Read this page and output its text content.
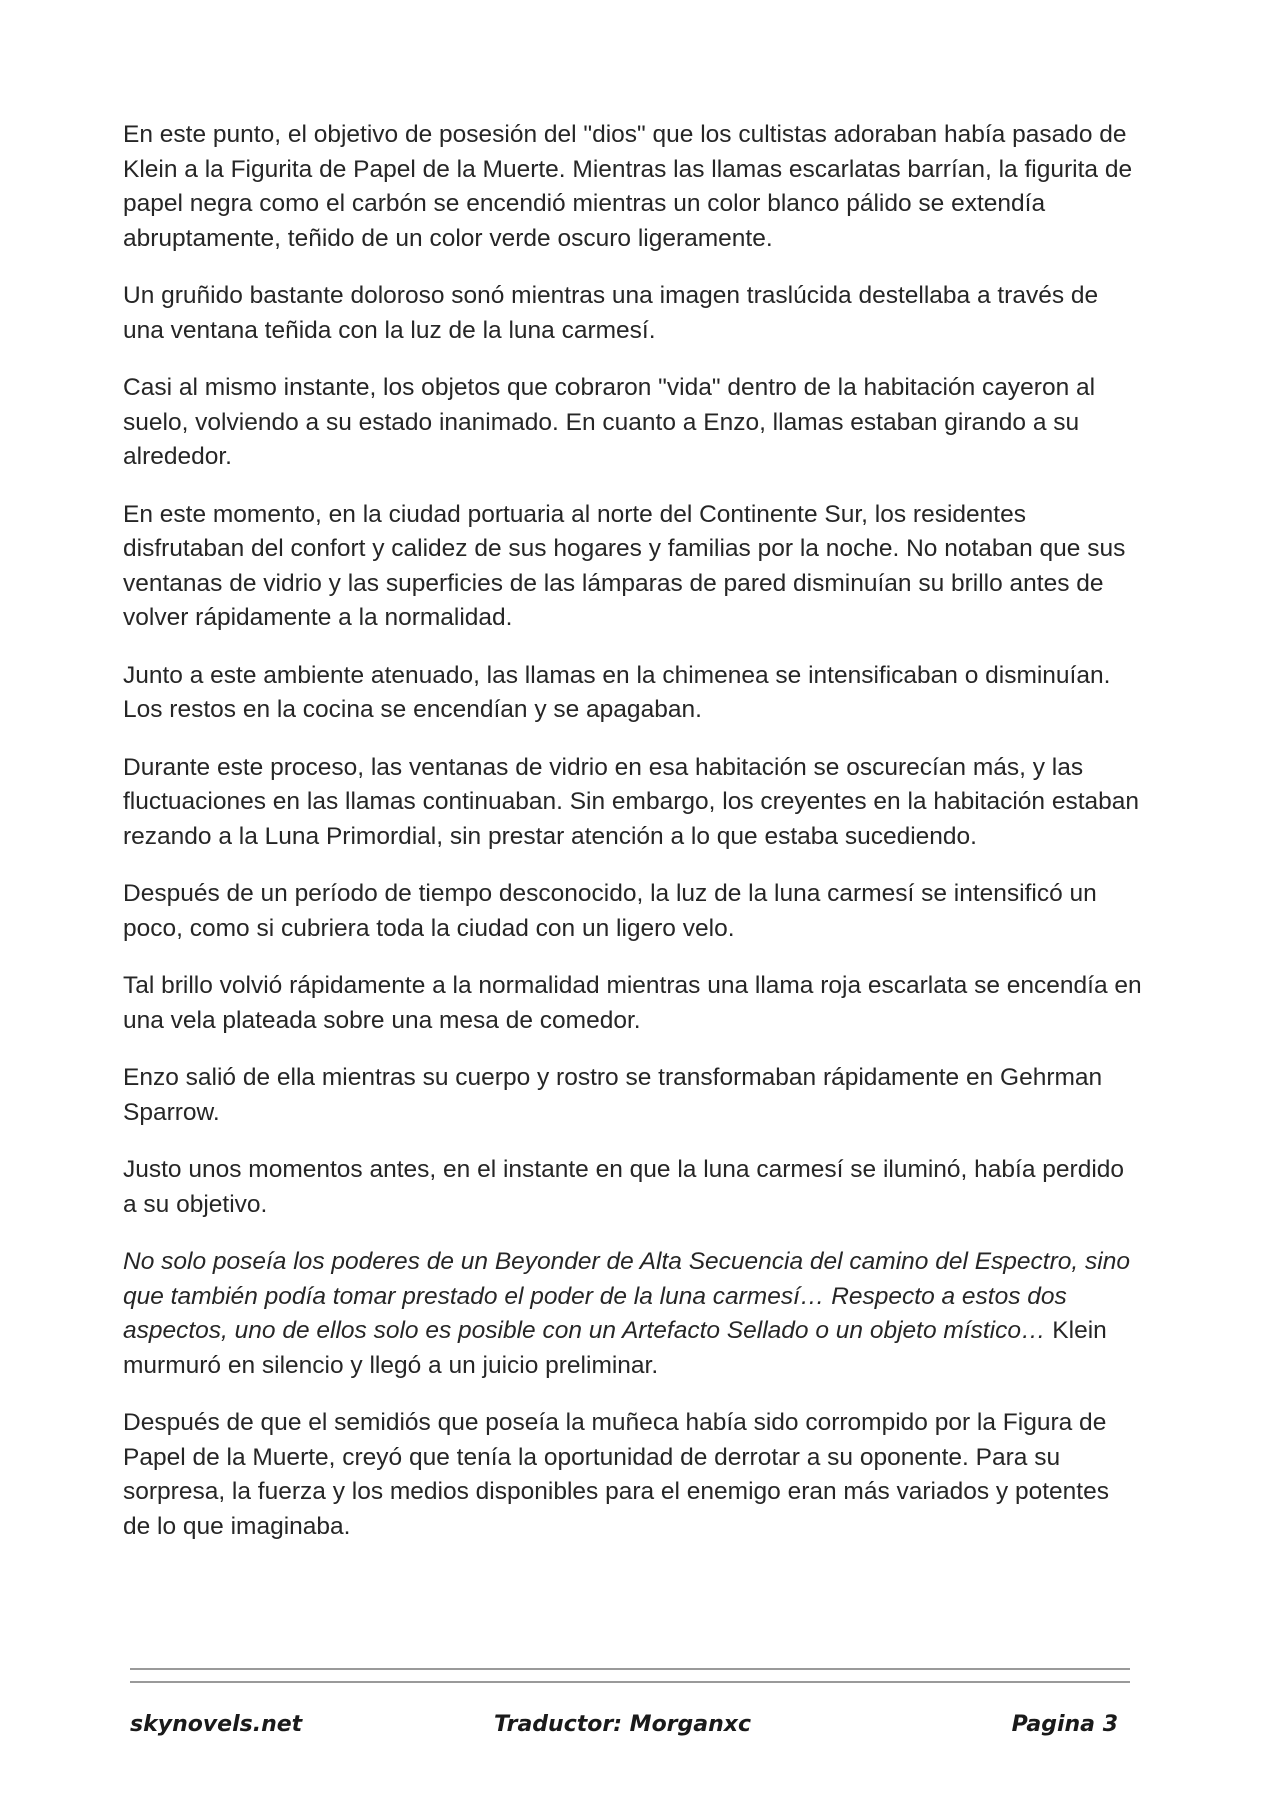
En este punto, el objetivo de posesión del "dios" que los cultistas adoraban había pasado de Klein a la Figurita de Papel de la Muerte. Mientras las llamas escarlatas barrían, la figurita de papel negra como el carbón se encendió mientras un color blanco pálido se extendía abruptamente, teñido de un color verde oscuro ligeramente.

Un gruñido bastante doloroso sonó mientras una imagen traslúcida destellaba a través de una ventana teñida con la luz de la luna carmesí.

Casi al mismo instante, los objetos que cobraron "vida" dentro de la habitación cayeron al suelo, volviendo a su estado inanimado. En cuanto a Enzo, llamas estaban girando a su alrededor.

En este momento, en la ciudad portuaria al norte del Continente Sur, los residentes disfrutaban del confort y calidez de sus hogares y familias por la noche. No notaban que sus ventanas de vidrio y las superficies de las lámparas de pared disminuían su brillo antes de volver rápidamente a la normalidad.

Junto a este ambiente atenuado, las llamas en la chimenea se intensificaban o disminuían. Los restos en la cocina se encendían y se apagaban.

Durante este proceso, las ventanas de vidrio en esa habitación se oscurecían más, y las fluctuaciones en las llamas continuaban. Sin embargo, los creyentes en la habitación estaban rezando a la Luna Primordial, sin prestar atención a lo que estaba sucediendo.

Después de un período de tiempo desconocido, la luz de la luna carmesí se intensificó un poco, como si cubriera toda la ciudad con un ligero velo.

Tal brillo volvió rápidamente a la normalidad mientras una llama roja escarlata se encendía en una vela plateada sobre una mesa de comedor.

Enzo salió de ella mientras su cuerpo y rostro se transformaban rápidamente en Gehrman Sparrow.

Justo unos momentos antes, en el instante en que la luna carmesí se iluminó, había perdido a su objetivo.

No solo poseía los poderes de un Beyonder de Alta Secuencia del camino del Espectro, sino que también podía tomar prestado el poder de la luna carmesí… Respecto a estos dos aspectos, uno de ellos solo es posible con un Artefacto Sellado o un objeto místico… Klein murmuró en silencio y llegó a un juicio preliminar.

Después de que el semidiós que poseía la muñeca había sido corrompido por la Figura de Papel de la Muerte, creyó que tenía la oportunidad de derrotar a su oponente. Para su sorpresa, la fuerza y los medios disponibles para el enemigo eran más variados y potentes de lo que imaginaba.

skynovels.net	Traductor: Morganxc	Pagina 3
